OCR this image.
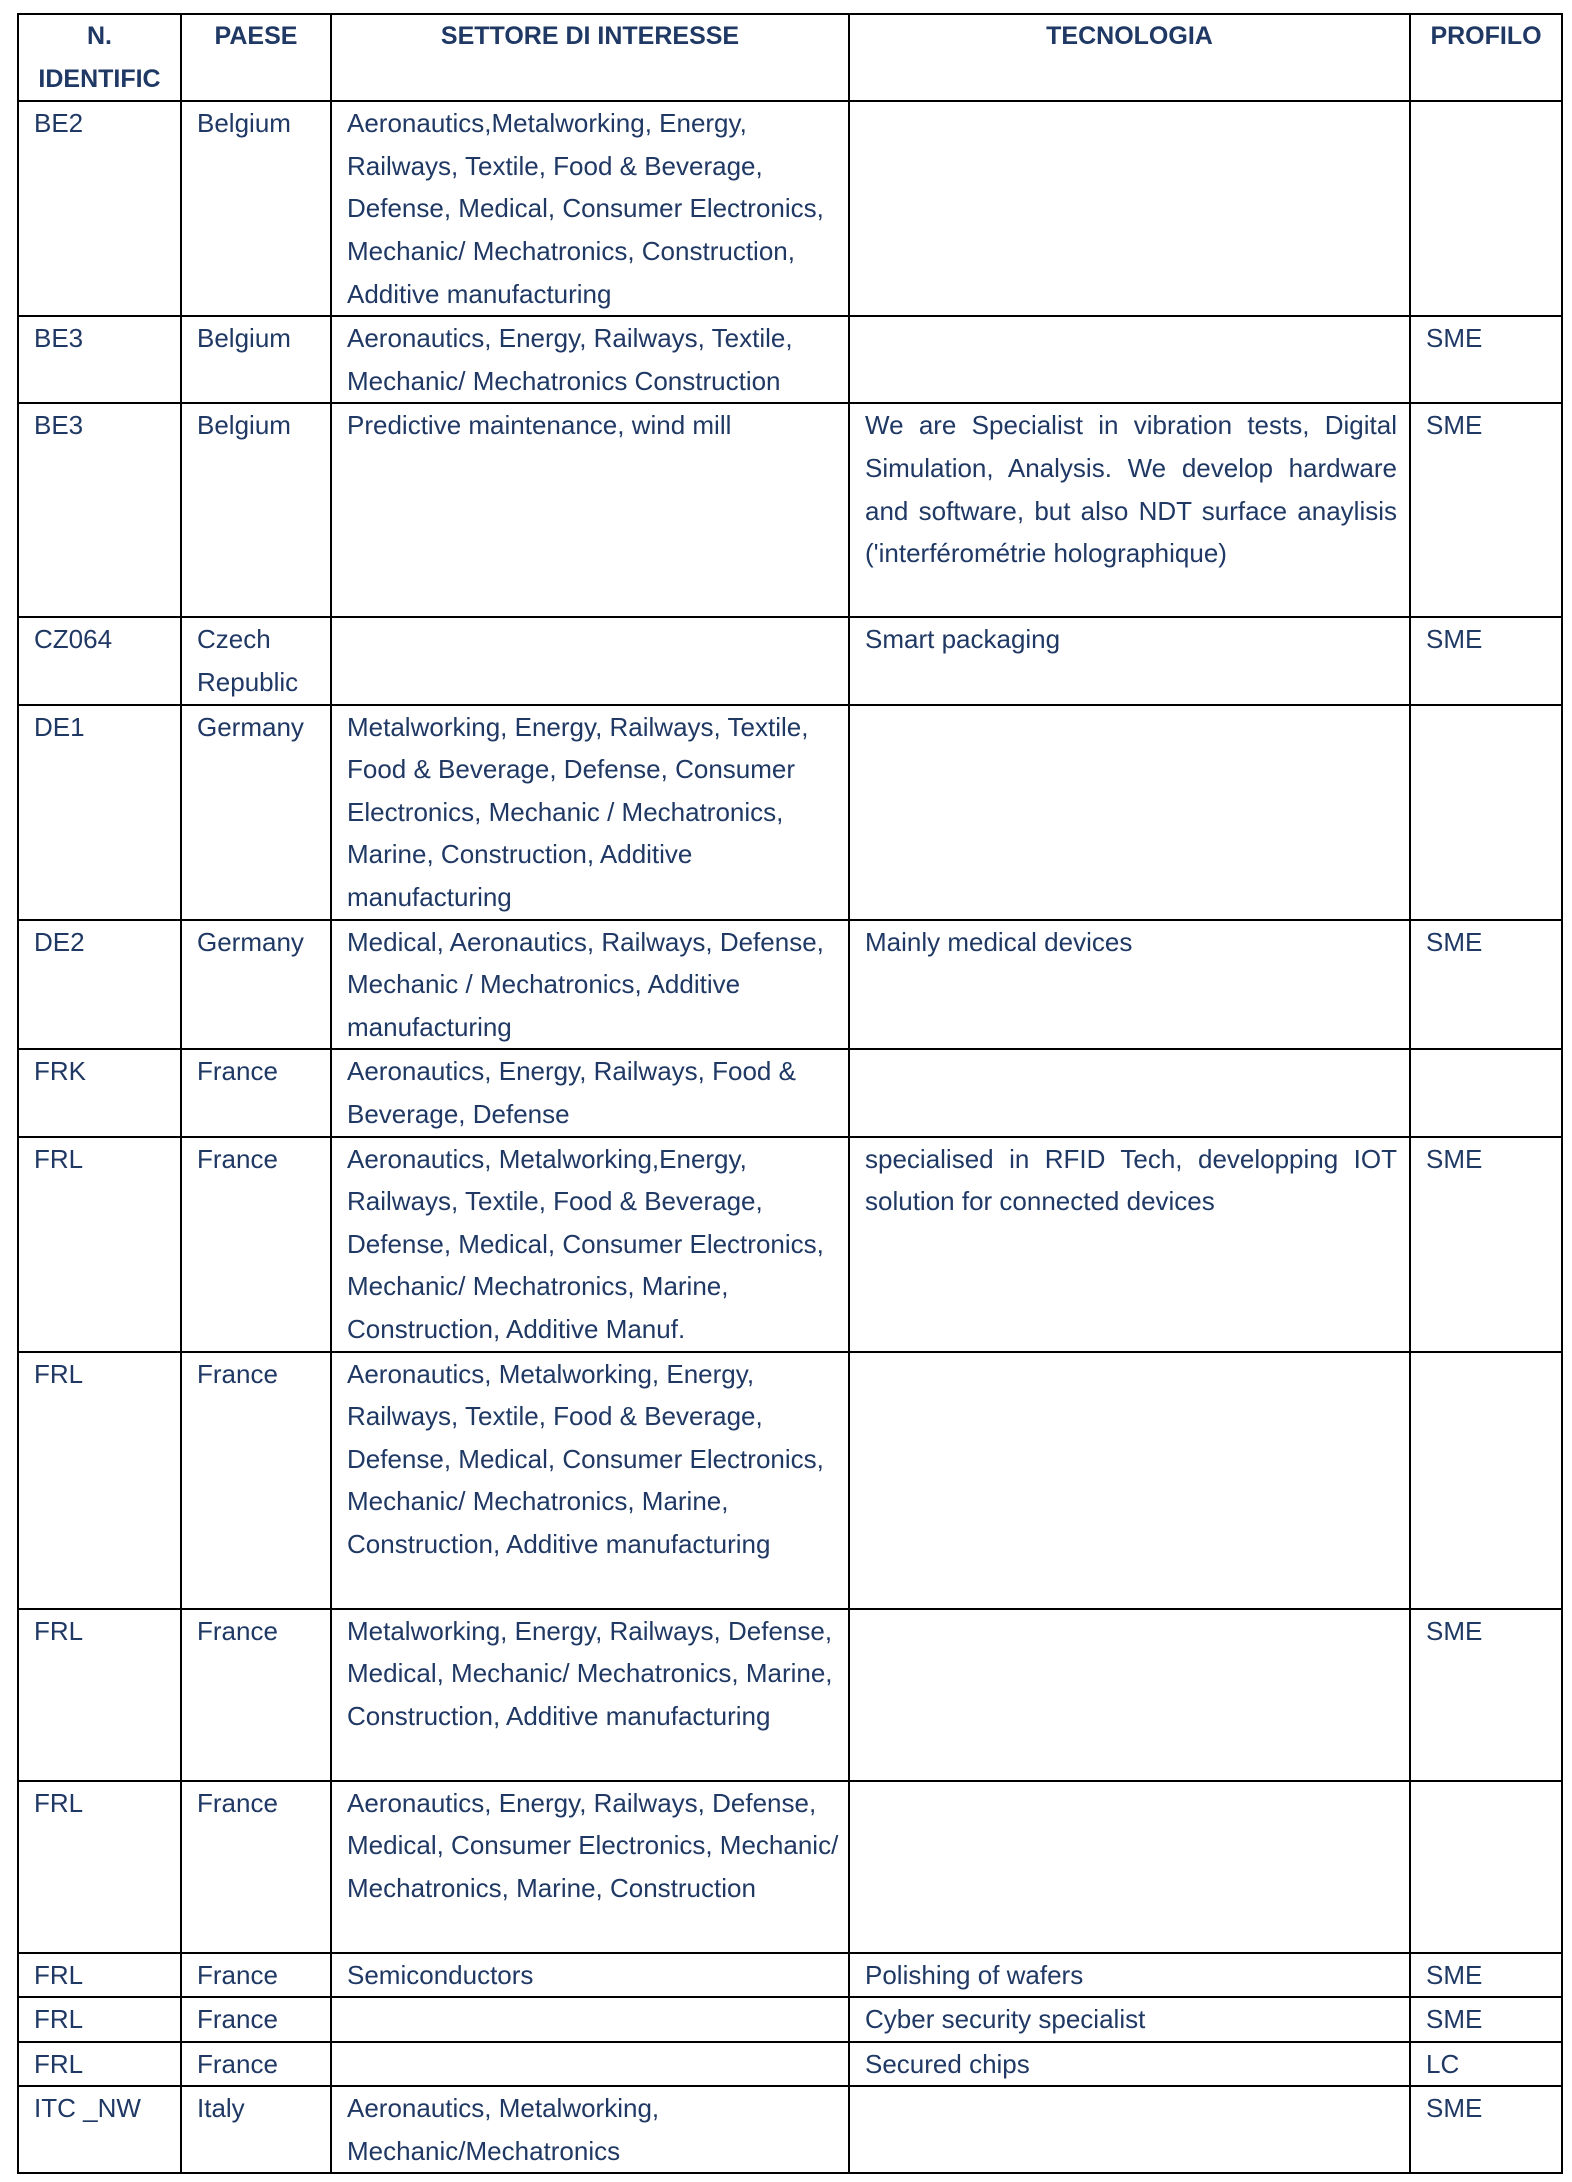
N. IDENTIFIC	PAESE	SETTORE DI INTERESSE	TECNOLOGIA	PROFILO
BE2	Belgium	Aeronautics,Metalworking, Energy, Railways, Textile, Food & Beverage, Defense, Medical, Consumer Electronics, Mechanic/ Mechatronics, Construction, Additive manufacturing		
BE3	Belgium	Aeronautics, Energy, Railways, Textile, Mechanic/ Mechatronics Construction		SME
BE3	Belgium	Predictive maintenance, wind mill	We are Specialist in vibration tests, Digital Simulation, Analysis. We develop hardware and software, but also NDT surface anaylisis ('interférométrie holographique)	SME
CZ064	Czech Republic		Smart packaging	SME
DE1	Germany	Metalworking, Energy, Railways, Textile, Food & Beverage, Defense, Consumer Electronics, Mechanic / Mechatronics, Marine, Construction, Additive manufacturing		
DE2	Germany	Medical, Aeronautics, Railways, Defense, Mechanic / Mechatronics, Additive manufacturing	Mainly medical devices	SME
FRK	France	Aeronautics, Energy, Railways, Food & Beverage, Defense		
FRL	France	Aeronautics, Metalworking,Energy, Railways, Textile, Food & Beverage, Defense, Medical, Consumer Electronics, Mechanic/ Mechatronics, Marine, Construction, Additive Manuf.	specialised in RFID Tech, developping IOT solution for connected devices	SME
FRL	France	Aeronautics, Metalworking, Energy, Railways, Textile, Food & Beverage, Defense, Medical, Consumer Electronics, Mechanic/ Mechatronics, Marine, Construction, Additive manufacturing		
FRL	France	Metalworking, Energy, Railways, Defense, Medical, Mechanic/ Mechatronics, Marine, Construction, Additive manufacturing		SME
FRL	France	Aeronautics, Energy, Railways, Defense, Medical, Consumer Electronics, Mechanic/ Mechatronics, Marine, Construction		
FRL	France	Semiconductors	Polishing of wafers	SME
FRL	France		Cyber security specialist	SME
FRL	France		Secured chips	LC
ITC _NW	Italy	Aeronautics, Metalworking, Mechanic/Mechatronics		SME
